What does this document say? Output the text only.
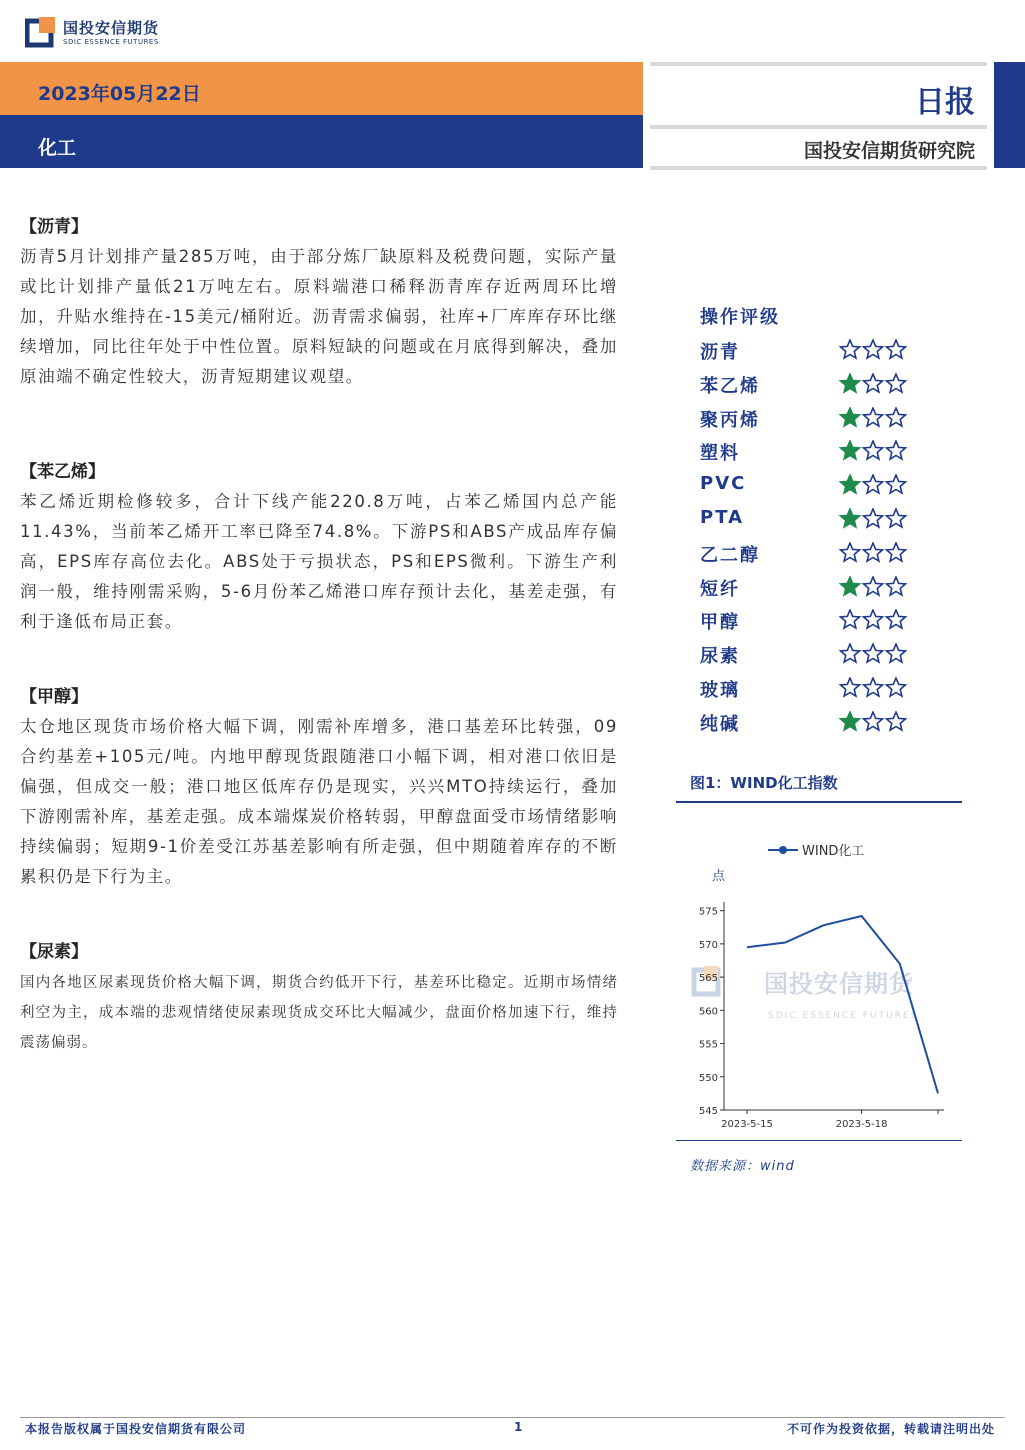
国投安信期货
SDIC ESSENCE FUTURES
2023年05月22日
化工
日报
国投安信期货研究院
【沥青】
沥青5月计划排产量285万吨，由于部分炼厂缺原料及税费问题，实际产量或比计划排产量低21万吨左右。原料端港口稀释沥青库存近两周环比增加，升贴水维持在-15美元/桶附近。沥青需求偏弱，社库+厂库库存环比继续增加，同比往年处于中性位置。原料短缺的问题或在月底得到解决，叠加原油端不确定性较大，沥青短期建议观望。
【苯乙烯】
苯乙烯近期检修较多，合计下线产能220.8万吨，占苯乙烯国内总产能11.43%，当前苯乙烯开工率已降至74.8%。下游PS和ABS产成品库存偏高，EPS库存高位去化。ABS处于亏损状态，PS和EPS微利。下游生产利润一般，维持刚需采购，5-6月份苯乙烯港口库存预计去化，基差走强，有利于逢低布局正套。
【甲醇】
太仓地区现货市场价格大幅下调，刚需补库增多，港口基差环比转强，09合约基差+105元/吨。内地甲醇现货跟随港口小幅下调，相对港口依旧是偏强，但成交一般；港口地区低库存仍是现实，兴兴MTO持续运行，叠加下游刚需补库，基差走强。成本端煤炭价格转弱，甲醇盘面受市场情绪影响持续偏弱；短期9-1价差受江苏基差影响有所走强，但中期随着库存的不断累积仍是下行为主。
【尿素】
国内各地区尿素现货价格大幅下调，期货合约低开下行，基差环比稳定。近期市场情绪利空为主，成本端的悲观情绪使尿素现货成交环比大幅减少，盘面价格加速下行，维持震荡偏弱。
操作评级
沥青
苯乙烯
聚丙烯
塑料
PVC
PTA
乙二醇
短纤
甲醇
尿素
玻璃
纯碱
图1：WIND化工指数
国投安信期货
SDIC ESSENCE FUTURES
WIND化工
点
545
550
555
560
565
570
575
2023-5-15	2023-5-18
数据来源：wind
本报告版权属于国投安信期货有限公司	1	不可作为投资依据，转载请注明出处
